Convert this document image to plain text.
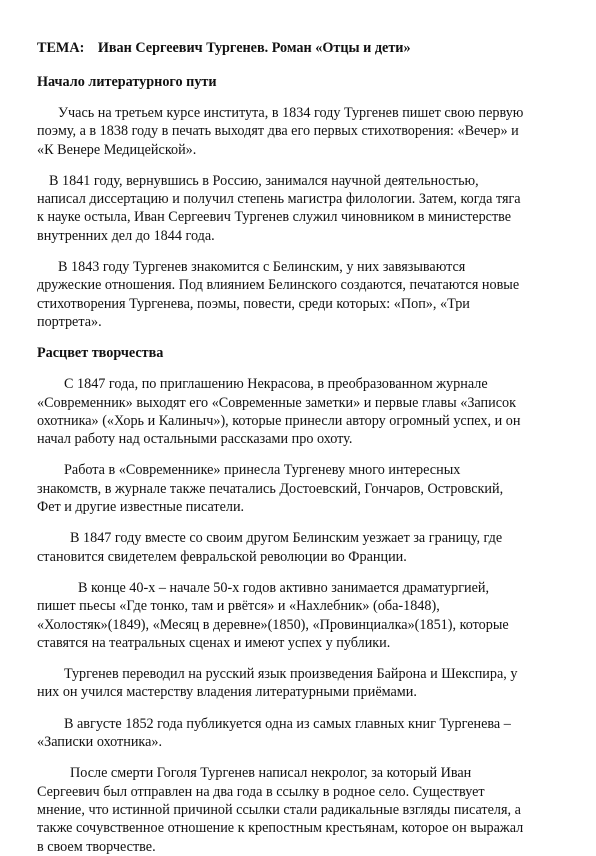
ТЕМА: Иван Сергеевич Тургенев. Роман «Отцы и дети»
Начало литературного пути

Учась на третьем курсе института, в 1834 году Тургенев пишет свою первую
поэму, а в 1838 году в печать выходят два его первых стихотворения: «Вечер» и
«К Венере Медицейской».

В 1841 году, вернувшись в Россию, занимался научной деятельностью,
написал диссертацию и получил степень магистра филологии. Затем, когда тяга
к науке остыла, Иван Сергеевич Тургенев служил чиновником в министерстве
внутренних дел до 1844 года.

В 1843 году Тургенев знакомится с Белинским, у них завязываются
дружеские отношения. Под влиянием Белинского создаются, печатаются новые
стихотворения Тургенева, поэмы, повести, среди которых: «Поп», «Три
портрета».

Расцвет творчества

С 1847 года, по приглашению Некрасова, в преобразованном журнале
«Современник» выходят его «Современные заметки» и первые главы «Записок
охотника» («Хорь и Калиныч»), которые принесли автору огромный успех, и он
начал работу над остальными рассказами про охоту.

Работа в «Современнике» принесла Тургеневу много интересных
знакомств, в журнале также печатались Достоевский, Гончаров, Островский,
Фет и другие известные писатели.

В 1847 году вместе со своим другом Белинским уезжает за границу, где
становится свидетелем февральской революции во Франции.

В конце 40-х – начале 50-х годов активно занимается драматургией,
пишет пьесы «Где тонко, там и рвётся» и «Нахлебник» (оба-1848),
«Холостяк»(1849), «Месяц в деревне»(1850), «Провинциалка»(1851), которые
ставятся на театральных сценах и имеют успех у публики.

Тургенев переводил на русский язык произведения Байрона и Шекспира, у
них он учился мастерству владения литературными приёмами.

В августе 1852 года публикуется одна из самых главных книг Тургенева –
«Записки охотника».

После смерти Гоголя Тургенев написал некролог, за который Иван
Сергеевич был отправлен на два года в ссылку в родное село. Существует
мнение, что истинной причиной ссылки стали радикальные взгляды писателя, а
также сочувственное отношение к крепостным крестьянам, которое он выражал
в своем творчестве.
